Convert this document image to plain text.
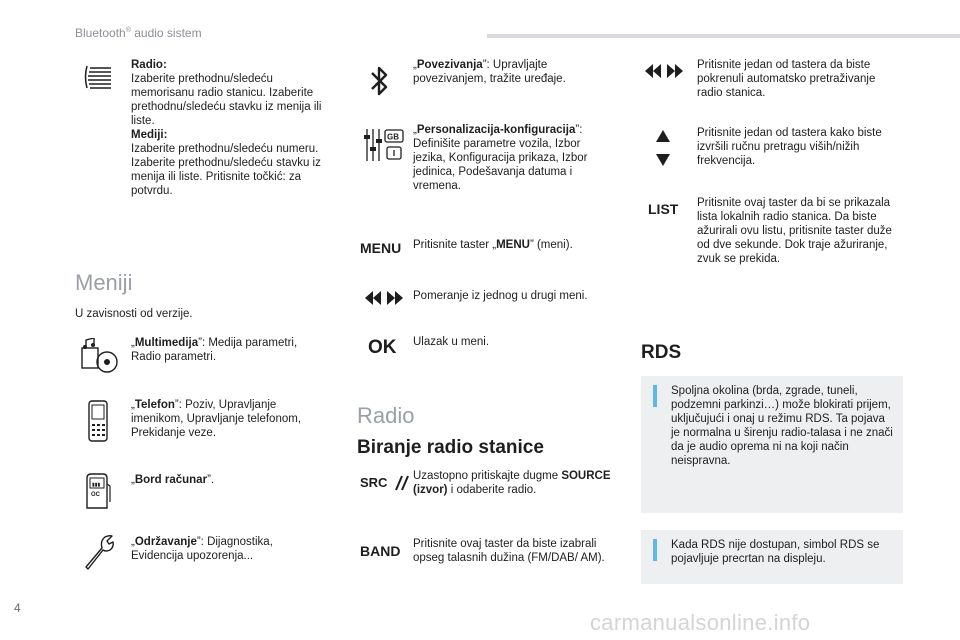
Bluetooth® audio sistem
Radio:
Izaberite prethodnu/sledeću memorisanu radio stanicu. Izaberite prethodnu/sledeću stavku iz menija ili liste.
Mediji:
Izaberite prethodnu/sledeću numeru. Izaberite prethodnu/sledeću stavku iz menija ili liste. Pritisnite točkić: za potvrdu.
Meniji
U zavisnosti od verzije.
„Multimedija”: Medija parametri, Radio parametri.
„Telefon”: Poziv, Upravljanje imenikom, Upravljanje telefonom, Prekidanje veze.
▮▮▮
OC
„Bord računar”.
„Održavanje”: Dijagnostika, Evidencija upozorenja...
„Povezivanja”: Upravljajte povezivanjem, tražite uređaje.
GB
„Personalizacija-konfiguracija”: Definišite parametre vozila, Izbor jezika, Konfiguracija prikaza, Izbor jedinica, Podešavanja datuma i vremena.
MENU Pritisnite taster „MENU” (meni).
Pomeranje iz jednog u drugi meni.
OK Ulazak u meni.
Radio
Biranje radio stanice
SRC	Uzastopno pritiskajte dugme SOURCE (izvor) i odaberite radio.
BAND Pritisnite ovaj taster da biste izabrali opseg talasnih dužina (FM/DAB/ AM).
Pritisnite jedan od tastera da biste pokrenuli automatsko pretraživanje radio stanica.
Pritisnite jedan od tastera kako biste izvršili ručnu pretragu viših/nižih frekvencija.
LIST Pritisnite ovaj taster da bi se prikazala lista lokalnih radio stanica. Da biste ažurirali ovu listu, pritisnite taster duže od dve sekunde. Dok traje ažuriranje, zvuk se prekida.
RDS
Spoljna okolina (brda, zgrade, tuneli, podzemni parkinzi…) može blokirati prijem, uključujući i onaj u režimu RDS. Ta pojava je normalna u širenju radio-talasa i ne znači da je audio oprema ni na koji način neispravna.
Kada RDS nije dostupan, simbol RDS se pojavljuje precrtan na displeju.
4
carmanualsonline.info
